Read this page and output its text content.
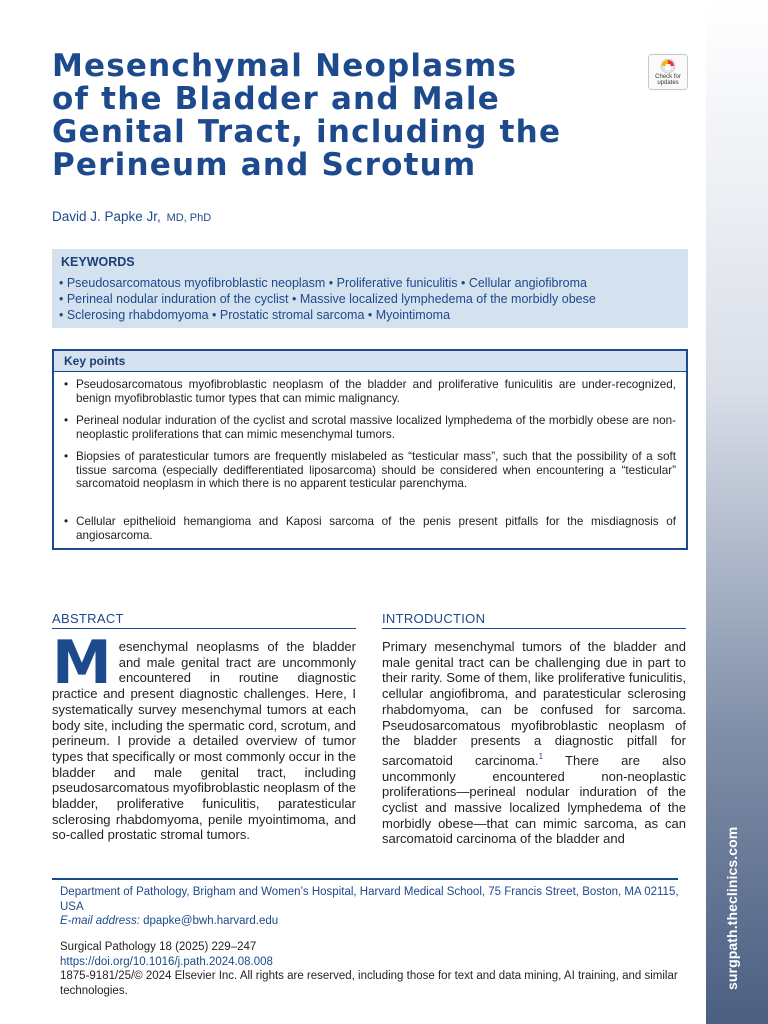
surgpath.theclinics.com
Mesenchymal Neoplasms
of the Bladder and Male
Genital Tract, including the
Perineum and Scrotum
Check for
updates
David J. Papke Jr, MD, PhD
KEYWORDS
• Pseudosarcomatous myofibroblastic neoplasm • Proliferative funiculitis • Cellular angiofibroma
• Perineal nodular induration of the cyclist • Massive localized lymphedema of the morbidly obese
• Sclerosing rhabdomyoma • Prostatic stromal sarcoma • Myointimoma
Key points
• Pseudosarcomatous myofibroblastic neoplasm of the bladder and proliferative funiculitis are under-recognized, benign myofibroblastic tumor types that can mimic malignancy.
• Perineal nodular induration of the cyclist and scrotal massive localized lymphedema of the morbidly obese are non-neoplastic proliferations that can mimic mesenchymal tumors.
• Biopsies of paratesticular tumors are frequently mislabeled as “testicular mass”, such that the possibility of a soft tissue sarcoma (especially dedifferentiated liposarcoma) should be considered when encountering a “testicular” sarcomatoid neoplasm in which there is no apparent testicular parenchyma.
• Cellular epithelioid hemangioma and Kaposi sarcoma of the penis present pitfalls for the misdiagnosis of angiosarcoma.
ABSTRACT
Mesenchymal neoplasms of the bladder and male genital tract are uncommonly encountered in routine diagnostic practice and present diagnostic challenges. Here, I systematically survey mesenchymal tumors at each body site, including the spermatic cord, scrotum, and perineum. I provide a detailed overview of tumor types that specifically or most commonly occur in the bladder and male genital tract, including pseudosarcomatous myofibroblastic neoplasm of the bladder, proliferative funiculitis, paratesticular sclerosing rhabdomyoma, penile myointimoma, and so-called prostatic stromal tumors.
INTRODUCTION
Primary mesenchymal tumors of the bladder and male genital tract can be challenging due in part to their rarity. Some of them, like proliferative funiculitis, cellular angiofibroma, and paratesticular sclerosing rhabdomyoma, can be confused for sarcoma. Pseudosarcomatous myofibroblastic neoplasm of the bladder presents a diagnostic pitfall for sarcomatoid carcinoma.$^1$ There are also uncommonly encountered non-neoplastic proliferations—perineal nodular induration of the cyclist and massive localized lymphedema of the morbidly obese—that can mimic sarcoma, as can sarcomatoid carcinoma of the bladder and
Department of Pathology, Brigham and Women’s Hospital, Harvard Medical School, 75 Francis Street, Boston, MA 02115, USA
E-mail address: dpapke@bwh.harvard.edu
Surgical Pathology 18 (2025) 229–247
https://doi.org/10.1016/j.path.2024.08.008
1875-9181/25/© 2024 Elsevier Inc. All rights are reserved, including those for text and data mining, AI training, and similar technologies.
